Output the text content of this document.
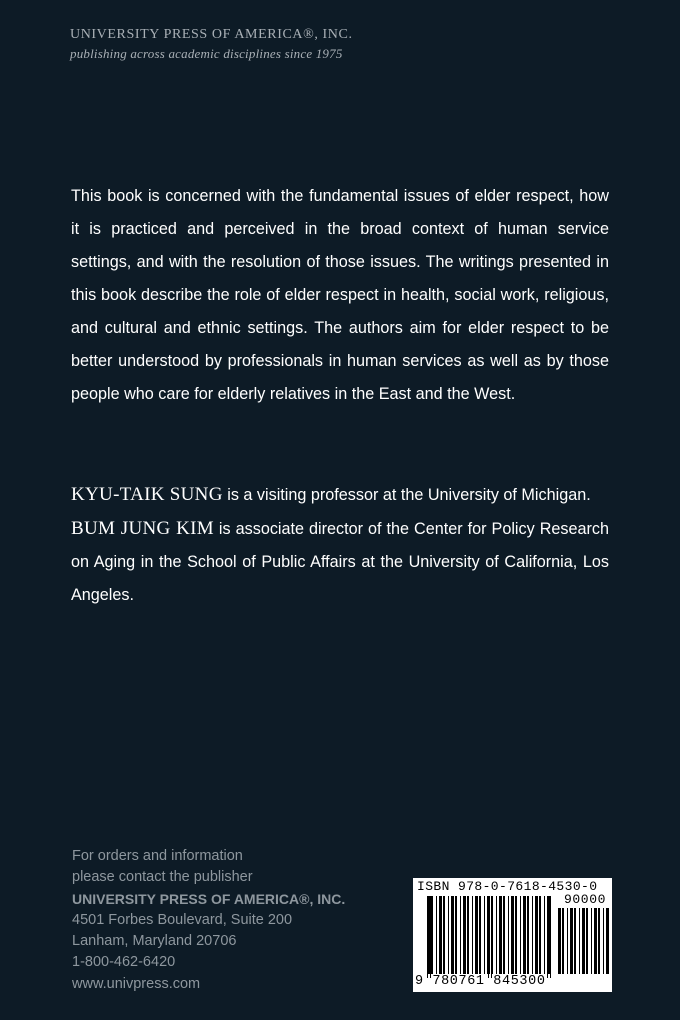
UNIVERSITY PRESS OF AMERICA®, INC.
publishing across academic disciplines since 1975

This book is concerned with the fundamental issues of elder respect, how it is practiced and perceived in the broad context of human service settings, and with the resolution of those issues. The writings presented in this book describe the role of elder respect in health, social work, religious, and cultural and ethnic settings. The authors aim for elder respect to be better understood by professionals in human services as well as by those people who care for elderly relatives in the East and the West.

KYU-TAIK SUNG is a visiting professor at the University of Michigan.

BUM JUNG KIM is associate director of the Center for Policy Research on Aging in the School of Public Affairs at the University of California, Los Angeles.

For orders and information
please contact the publisher
UNIVERSITY PRESS OF AMERICA®, INC.
4501 Forbes Boulevard, Suite 200
Lanham, Maryland 20706
1-800-462-6420
www.univpress.com
ISBN 978-0-7618-4530-0
90000
9 780761 845300
